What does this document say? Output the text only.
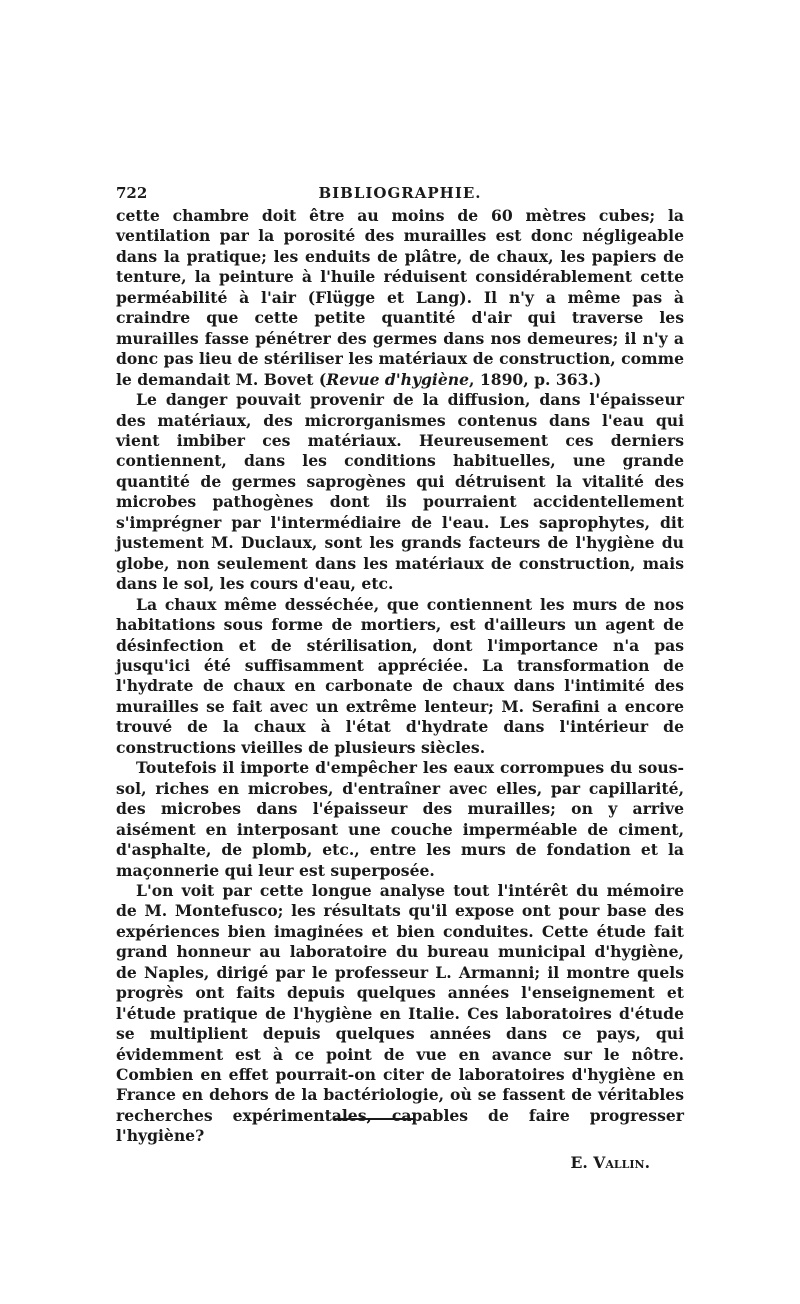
722	BIBLIOGRAPHIE.

cette chambre doit être au moins de 60 mètres cubes; la ventilation par la porosité des murailles est donc négligeable dans la pratique; les enduits de plâtre, de chaux, les papiers de tenture, la peinture à l'huile réduisent considérablement cette perméabilité à l'air (Flügge et Lang). Il n'y a même pas à craindre que cette petite quantité d'air qui traverse les murailles fasse pénétrer des germes dans nos demeures; il n'y a donc pas lieu de stériliser les matériaux de construction, comme le demandait M. Bovet (Revue d'hygiène, 1890, p. 363.)

Le danger pouvait provenir de la diffusion, dans l'épaisseur des matériaux, des microrganismes contenus dans l'eau qui vient imbiber ces matériaux. Heureusement ces derniers contiennent, dans les conditions habituelles, une grande quantité de germes saprogènes qui détruisent la vitalité des microbes pathogènes dont ils pourraient accidentellement s'imprégner par l'intermédiaire de l'eau. Les saprophytes, dit justement M. Duclaux, sont les grands facteurs de l'hygiène du globe, non seulement dans les matériaux de construction, mais dans le sol, les cours d'eau, etc.

La chaux même desséchée, que contiennent les murs de nos habitations sous forme de mortiers, est d'ailleurs un agent de désinfection et de stérilisation, dont l'importance n'a pas jusqu'ici été suffisamment appréciée. La transformation de l'hydrate de chaux en carbonate de chaux dans l'intimité des murailles se fait avec un extrême lenteur; M. Serafini a encore trouvé de la chaux à l'état d'hydrate dans l'intérieur de constructions vieilles de plusieurs siècles.

Toutefois il importe d'empêcher les eaux corrompues du sous-sol, riches en microbes, d'entraîner avec elles, par capillarité, des microbes dans l'épaisseur des murailles; on y arrive aisément en interposant une couche imperméable de ciment, d'asphalte, de plomb, etc., entre les murs de fondation et la maçonnerie qui leur est superposée.

L'on voit par cette longue analyse tout l'intérêt du mémoire de M. Montefusco; les résultats qu'il expose ont pour base des expériences bien imaginées et bien conduites. Cette étude fait grand honneur au laboratoire du bureau municipal d'hygiène, de Naples, dirigé par le professeur L. Armanni; il montre quels progrès ont faits depuis quelques années l'enseignement et l'étude pratique de l'hygiène en Italie. Ces laboratoires d'étude se multiplient depuis quelques années dans ce pays, qui évidemment est à ce point de vue en avance sur le nôtre. Combien en effet pourrait-on citer de laboratoires d'hygiène en France en dehors de la bactériologie, où se fassent de véritables recherches expérimentales, capables de faire progresser l'hygiène?

E. Vallin.
